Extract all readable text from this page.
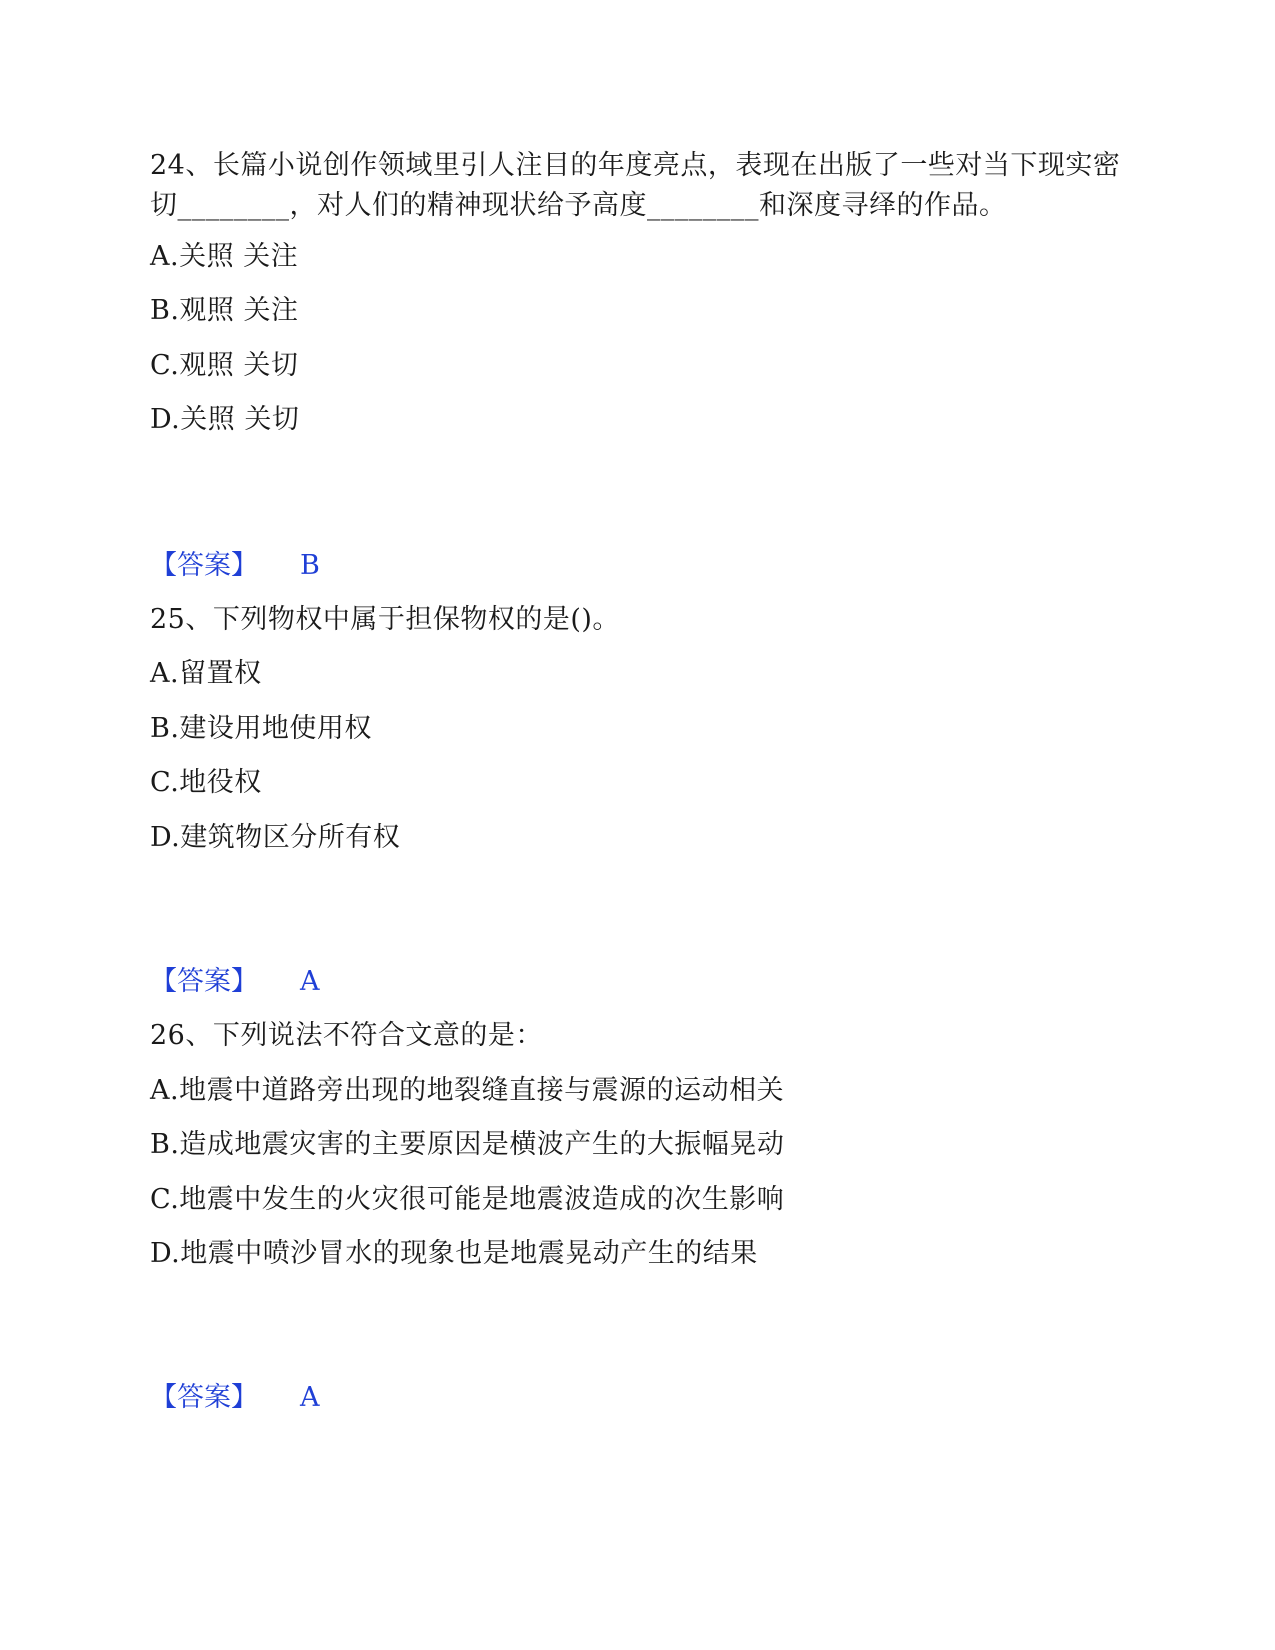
24、长篇小说创作领域里引人注目的年度亮点，表现在出版了一些对当下现实密切________，对人们的精神现状给予高度________和深度寻绎的作品。
A.关照 关注
B.观照 关注
C.观照 关切
D.关照 关切
【答案】 B
25、下列物权中属于担保物权的是()。
A.留置权
B.建设用地使用权
C.地役权
D.建筑物区分所有权
【答案】 A
26、下列说法不符合文意的是：
A.地震中道路旁出现的地裂缝直接与震源的运动相关
B.造成地震灾害的主要原因是横波产生的大振幅晃动
C.地震中发生的火灾很可能是地震波造成的次生影响
D.地震中喷沙冒水的现象也是地震晃动产生的结果
【答案】 A
